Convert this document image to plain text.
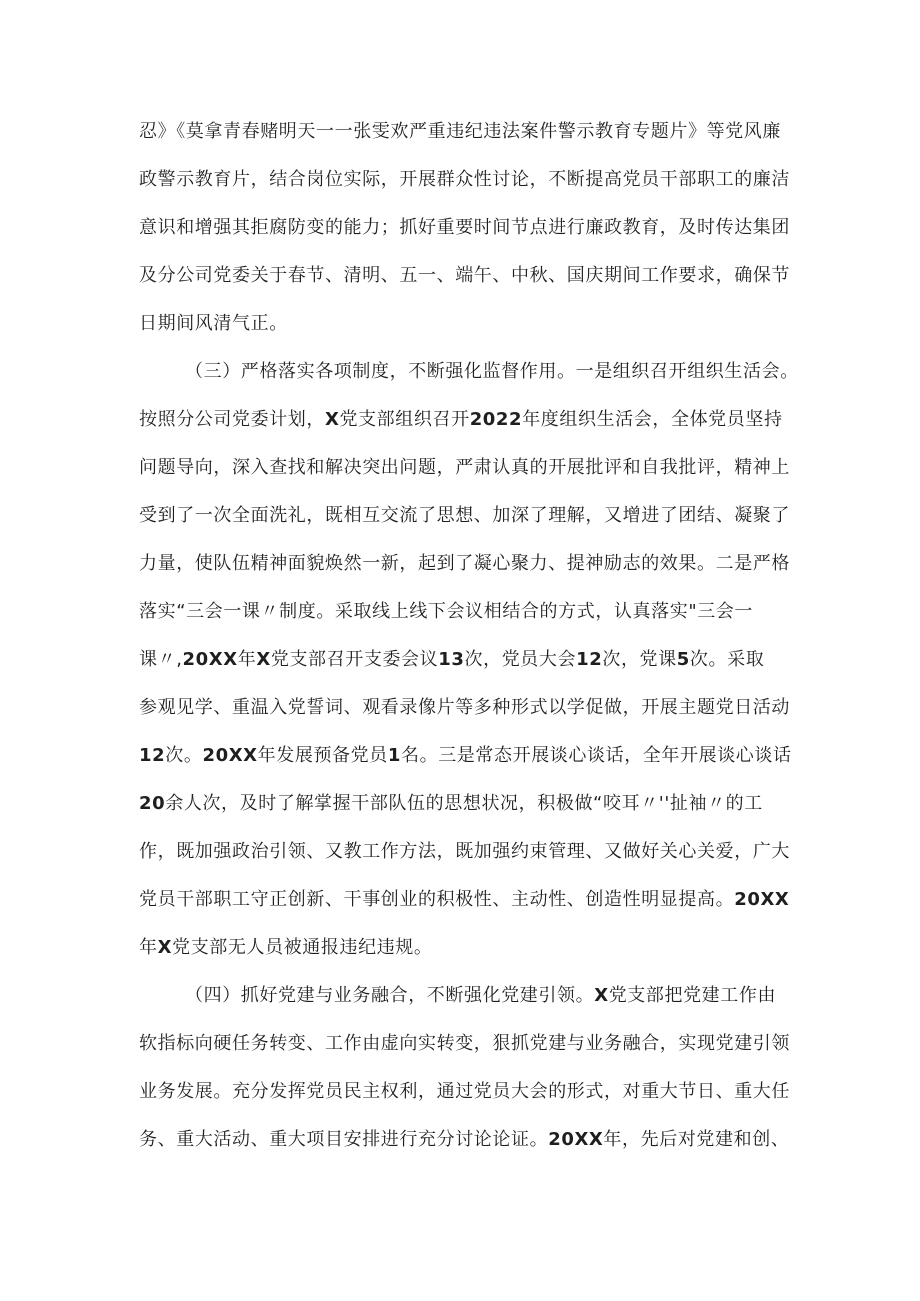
忍》《莫拿青春赌明天一一张雯欢严重违纪违法案件警示教育专题片》等党风廉
政警示教育片，结合岗位实际，开展群众性讨论，不断提高党员干部职工的廉洁
意识和增强其拒腐防变的能力；抓好重要时间节点进行廉政教育，及时传达集团
及分公司党委关于春节、清明、五一、端午、中秋、国庆期间工作要求，确保节
日期间风清气正。
（三）严格落实各项制度，不断强化监督作用。一是组织召开组织生活会。
按照分公司党委计划，X党支部组织召开2022年度组织生活会，全体党员坚持
问题导向，深入查找和解决突出问题，严肃认真的开展批评和自我批评，精神上
受到了一次全面洗礼，既相互交流了思想、加深了理解，又增进了团结、凝聚了
力量，使队伍精神面貌焕然一新，起到了凝心聚力、提神励志的效果。二是严格
落实“三会一课〃制度。采取线上线下会议相结合的方式，认真落实"三会一
课〃,20XX年X党支部召开支委会议13次，党员大会12次，党课5次。采取
参观见学、重温入党誓词、观看录像片等多种形式以学促做，开展主题党日活动
12次。20XX年发展预备党员1名。三是常态开展谈心谈话，全年开展谈心谈话
20余人次，及时了解掌握干部队伍的思想状况，积极做“咬耳〃''扯袖〃的工
作，既加强政治引领、又教工作方法，既加强约束管理、又做好关心关爱，广大
党员干部职工守正创新、干事创业的积极性、主动性、创造性明显提高。20XX
年X党支部无人员被通报违纪违规。
（四）抓好党建与业务融合，不断强化党建引领。X党支部把党建工作由
软指标向硬任务转变、工作由虚向实转变，狠抓党建与业务融合，实现党建引领
业务发展。充分发挥党员民主权利，通过党员大会的形式，对重大节日、重大任
务、重大活动、重大项目安排进行充分讨论论证。20XX年，先后对党建和创、
